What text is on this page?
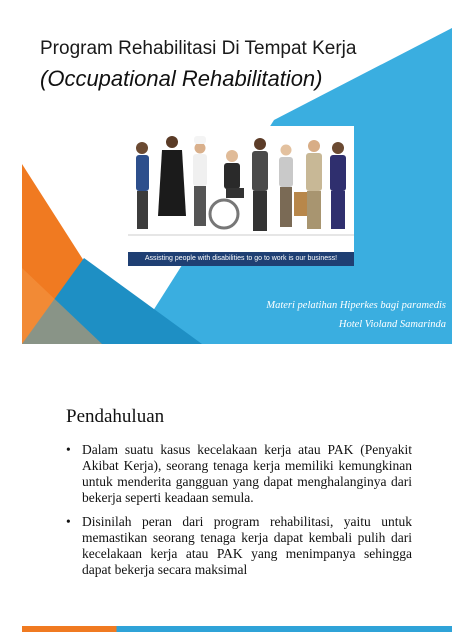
Program Rehabilitasi Di Tempat Kerja

(Occupational Rehabilitation)

Assisting people with disabilities to go to work is our business!

Materi pelatihan Hiperkes bagi paramedis

Hotel Violand Samarinda

Pendahuluan
• Dalam suatu kasus kecelakaan kerja atau PAK (Penyakit Akibat Kerja), seorang tenaga kerja memiliki kemungkinan untuk menderita gangguan yang dapat menghalanginya dari bekerja seperti keadaan semula.
• Disinilah peran dari program rehabilitasi, yaitu untuk memastikan seorang tenaga kerja dapat kembali pulih dari kecelakaan kerja atau PAK yang menimpanya sehingga dapat bekerja secara maksimal
